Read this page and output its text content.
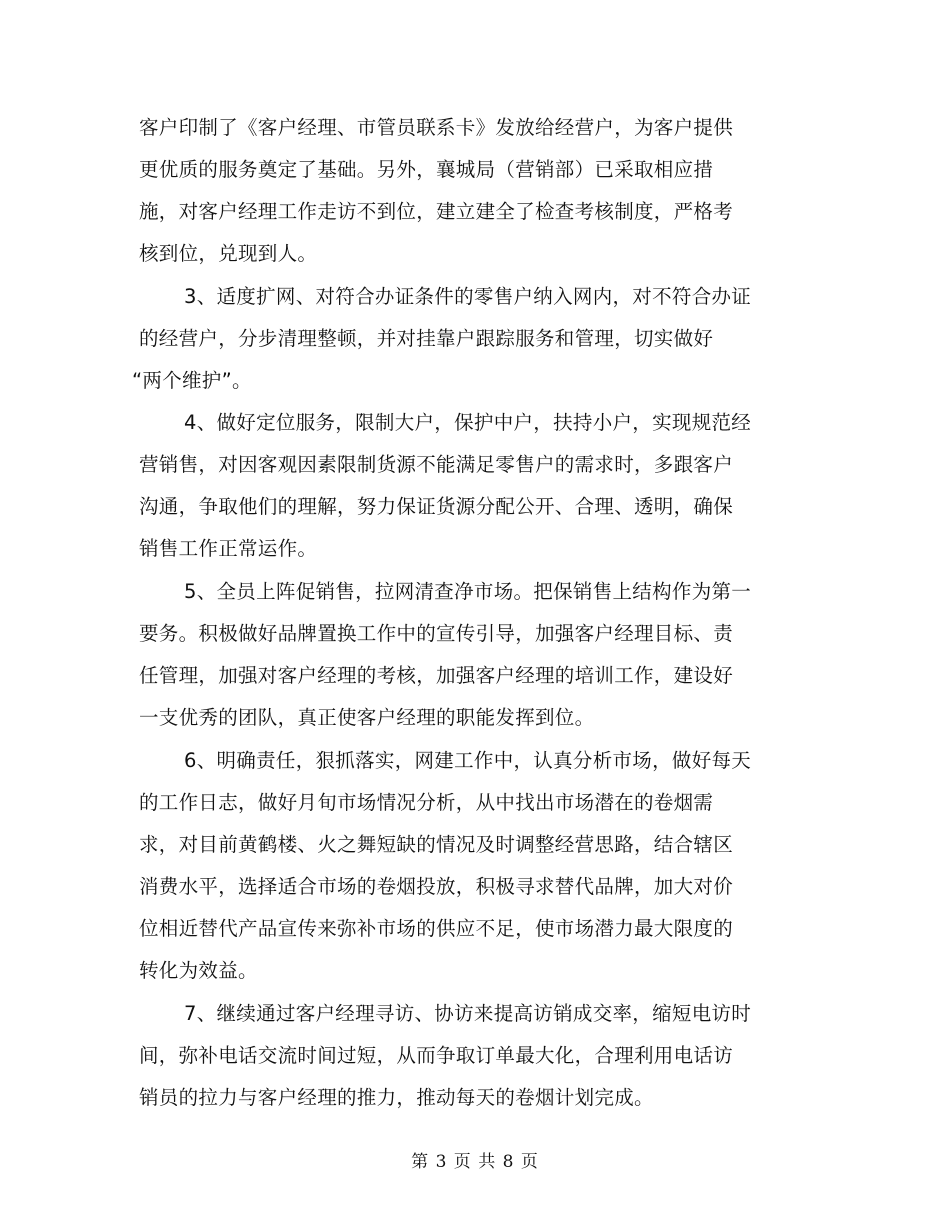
客户印制了《客户经理、市管员联系卡》发放给经营户，为客户提供
更优质的服务奠定了基础。另外，襄城局（营销部）已采取相应措
施，对客户经理工作走访不到位，建立建全了检查考核制度，严格考
核到位，兑现到人。
3、适度扩网、对符合办证条件的零售户纳入网内，对不符合办证
的经营户，分步清理整顿，并对挂靠户跟踪服务和管理，切实做好
“两个维护”。
4、做好定位服务，限制大户，保护中户，扶持小户，实现规范经
营销售，对因客观因素限制货源不能满足零售户的需求时，多跟客户
沟通，争取他们的理解，努力保证货源分配公开、合理、透明，确保
销售工作正常运作。
5、全员上阵促销售，拉网清查净市场。把保销售上结构作为第一
要务。积极做好品牌置换工作中的宣传引导，加强客户经理目标、责
任管理，加强对客户经理的考核，加强客户经理的培训工作，建设好
一支优秀的团队，真正使客户经理的职能发挥到位。
6、明确责任，狠抓落实，网建工作中，认真分析市场，做好每天
的工作日志，做好月旬市场情况分析，从中找出市场潜在的卷烟需
求，对目前黄鹤楼、火之舞短缺的情况及时调整经营思路，结合辖区
消费水平，选择适合市场的卷烟投放，积极寻求替代品牌，加大对价
位相近替代产品宣传来弥补市场的供应不足，使市场潜力最大限度的
转化为效益。
7、继续通过客户经理寻访、协访来提高访销成交率，缩短电访时
间，弥补电话交流时间过短，从而争取订单最大化，合理利用电话访
销员的拉力与客户经理的推力，推动每天的卷烟计划完成。
第 3 页 共 8 页
